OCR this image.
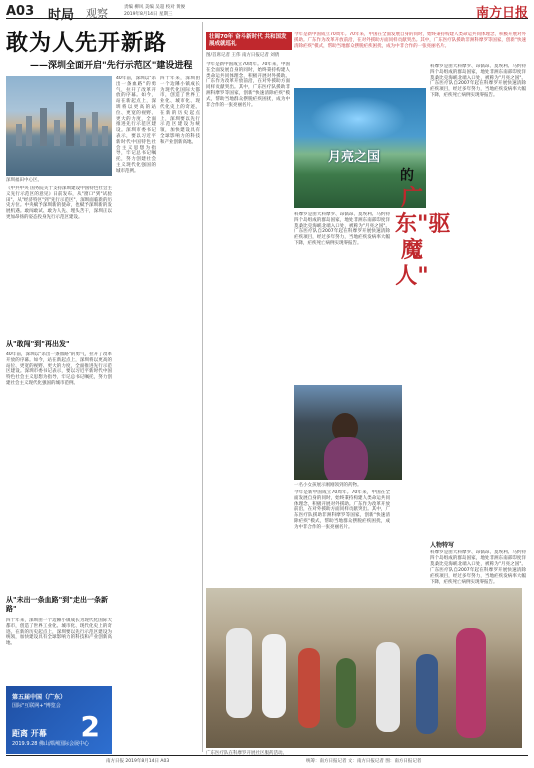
A03 时局 观察	责编 柳风 美编 吴超 校对 黄俊
2019年8月14日 星期三	南方日报
敢为人先开新路
——深圳全面开启"先行示范区"建设进程
深圳福田中心区。
《中共中央 国务院关于支持深圳建设中国特色社会主义先行示范区的意见》日前发布，从"窗口"到"试验田"、从"经济特区"到"先行示范区"，深圳面临新的历史方位。中央赋予深圳新的使命，也赋予深圳新的发展机遇。敢闯敢试、敢为人先、埋头苦干，深圳正以更加昂扬的姿态投身先行示范区建设。
从"敢闯"到"再出发"
40年前，深圳以"杀出一条血路"的勇气，拉开了改革开放的序幕。如今，站在新起点上，深圳将以更高的站位、更宽的视野、更大的力度，全面推进先行示范区建设。深圳市委书记表示，要以习近平新时代中国特色社会主义思想为指导，牢记总书记嘱托，努力创建社会主义现代化强国的城市范例。
从"未出一条血路"到"走出一条新路"
四十年来，深圳由一个边陲小镇成长为现代化国际大都市，创造了世界工业化、城市化、现代化史上的奇迹。在新的历史起点上，深圳要以先行示范区建设为统领，加快建设具有全球影响力的科技和产业创新高地。
40年前，深圳以"杀出一条血路"的勇气，拉开了改革开放的序幕。如今，站在新起点上，深圳将以更高的站位、更宽的视野、更大的力度，全面推进先行示范区建设。深圳市委书记表示，要以习近平新时代中国特色社会主义思想为指导，牢记总书记嘱托，努力创建社会主义现代化强国的城市范例。
四十年来，深圳由一个边陲小镇成长为现代化国际大都市，创造了世界工业化、城市化、现代化史上的奇迹。在新的历史起点上，深圳要以先行示范区建设为统领，加快建设具有全球影响力的科技和产业创新高地。
第五届中国（广东）
国际"互联网+"博览会
2
距离 开幕
2019.9.28 佛山潭洲国际会展中心
壮阔70年 奋斗新时代 共和国发展成就巡礼
图/首席记者 王伟 南方日报记者 刘倩
今年是新中国成立70周年。70年来，中国在全面发展自身的同时，始终秉持构建人类命运共同体理念，积极开展对外援助。广东作为改革开放前沿，在对外援助方面同样贡献突出。其中，广东医疗队援助非洲科摩罗等国家，创新"快速清除疟疾"模式，帮助当地群众摆脱疟疾困扰，成为中非合作的一张亮丽名片。
今年是新中国成立70周年。70年来，中国在全面发展自身的同时，始终秉持构建人类命运共同体理念，积极开展对外援助。广东作为改革开放前沿，在对外援助方面同样贡献突出。其中，广东医疗队援助非洲科摩罗等国家，创新"快速清除疟疾"模式，帮助当地群众摆脱疟疾困扰，成为中非合作的一张亮丽名片。
科摩罗是由大科摩罗、昂儒昂、莫埃利、马约特四个岛组成的群岛国家，地处非洲东南部印度洋莫桑比克海峡北端入口处，被称为"月亮之国"。广东医疗队自2007年起在科摩罗开展快速清除疟疾项目，经过多年努力，当地疟疾发病率大幅下降，疟疾死亡病例实现零报告。
今年是新中国成立70周年。70年来，中国在全面发展自身的同时，始终秉持构建人类命运共同体理念，积极开展对外援助。广东作为改革开放前沿，在对外援助方面同样贡献突出。其中，广东医疗队援助非洲科摩罗等国家，创新"快速清除疟疾"模式，帮助当地群众摆脱疟疾困扰，成为中非合作的一张亮丽名片。
月亮之国
的
广东"驱魔人"
一名小女孩展示刚刚领到的药物。
科摩罗是由大科摩罗、昂儒昂、莫埃利、马约特四个岛组成的群岛国家，地处非洲东南部印度洋莫桑比克海峡北端入口处，被称为"月亮之国"。广东医疗队自2007年起在科摩罗开展快速清除疟疾项目，经过多年努力，当地疟疾发病率大幅下降，疟疾死亡病例实现零报告。
人物特写
科摩罗是由大科摩罗、昂儒昂、莫埃利、马约特四个岛组成的群岛国家，地处非洲东南部印度洋莫桑比克海峡北端入口处，被称为"月亮之国"。广东医疗队自2007年起在科摩罗开展快速清除疟疾项目，经过多年努力，当地疟疾发病率大幅下降，疟疾死亡病例实现零报告。
广东医疗队在科摩罗开展社区服药活动。
南方日报 2019年8月14日 A03	统筹：南方日报记者 文：南方日报记者 图：南方日报记者
